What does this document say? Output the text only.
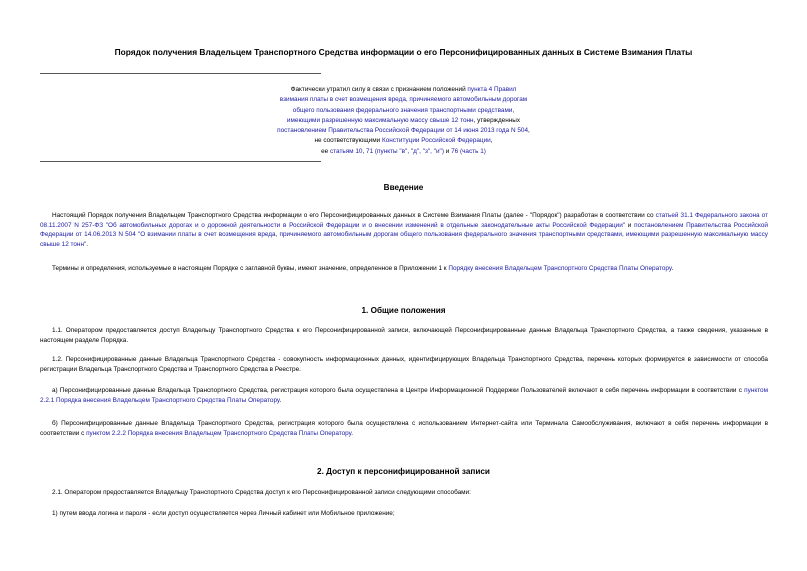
Порядок получения Владельцем Транспортного Средства информации о его Персонифицированных данных в Системе Взимания Платы
Фактически утратил силу в связи с признанием положений пункта 4 Правил
взимания платы в счет возмещения вреда, причиняемого автомобильным дорогам
общего пользования федерального значения транспортными средствами,
имеющими разрешенную максимальную массу свыше 12 тонн, утвержденных
постановлением Правительства Российской Федерации от 14 июня 2013 года N 504,
не соответствующими Конституции Российской Федерации,
ее статьям 10, 71 (пункты "в", "д", "з", "и") и 76 (часть 1)
Введение
Настоящий Порядок получения Владельцем Транспортного Средства информации о его Персонифицированных данных в Системе Взимания Платы (далее - "Порядок") разработан в соответствии со статьей 31.1 Федерального закона от 08.11.2007 N 257-ФЗ "Об автомобильных дорогах и о дорожной деятельности в Российской Федерации и о внесении изменений в отдельные законодательные акты Российской Федерации" и постановлением Правительства Российской Федерации от 14.06.2013 N 504 "О взимании платы в счет возмещения вреда, причиняемого автомобильным дорогам общего пользования федерального значения транспортными средствами, имеющими разрешенную максимальную массу свыше 12 тонн".
Термины и определения, используемые в настоящем Порядке с заглавной буквы, имеют значение, определенное в Приложении 1 к Порядку внесения Владельцем Транспортного Средства Платы Оператору.
1. Общие положения
1.1. Оператором предоставляется доступ Владельцу Транспортного Средства к его Персонифицированной записи, включающей Персонифицированные данные Владельца Транспортного Средства, а также сведения, указанные в настоящем разделе Порядка.
1.2. Персонифицированные данные Владельца Транспортного Средства - совокупность информационных данных, идентифицирующих Владельца Транспортного Средства, перечень которых формируется в зависимости от способа регистрации Владельца Транспортного Средства и Транспортного Средства в Реестре.
а) Персонифицированные данные Владельца Транспортного Средства, регистрация которого была осуществлена в Центре Информационной Поддержки Пользователей включают в себя перечень информации в соответствии с пунктом 2.2.1 Порядка внесения Владельцем Транспортного Средства Платы Оператору.
б) Персонифицированные данные Владельца Транспортного Средства, регистрация которого была осуществлена с использованием Интернет-сайта или Терминала Самообслуживания, включают в себя перечень информации в соответствии с пунктом 2.2.2 Порядка внесения Владельцем Транспортного Средства Платы Оператору.
2. Доступ к персонифицированной записи
2.1. Оператором предоставляется Владельцу Транспортного Средства доступ к его Персонифицированной записи следующими способами:
1) путем ввода логина и пароля - если доступ осуществляется через Личный кабинет или Мобильное приложение;
